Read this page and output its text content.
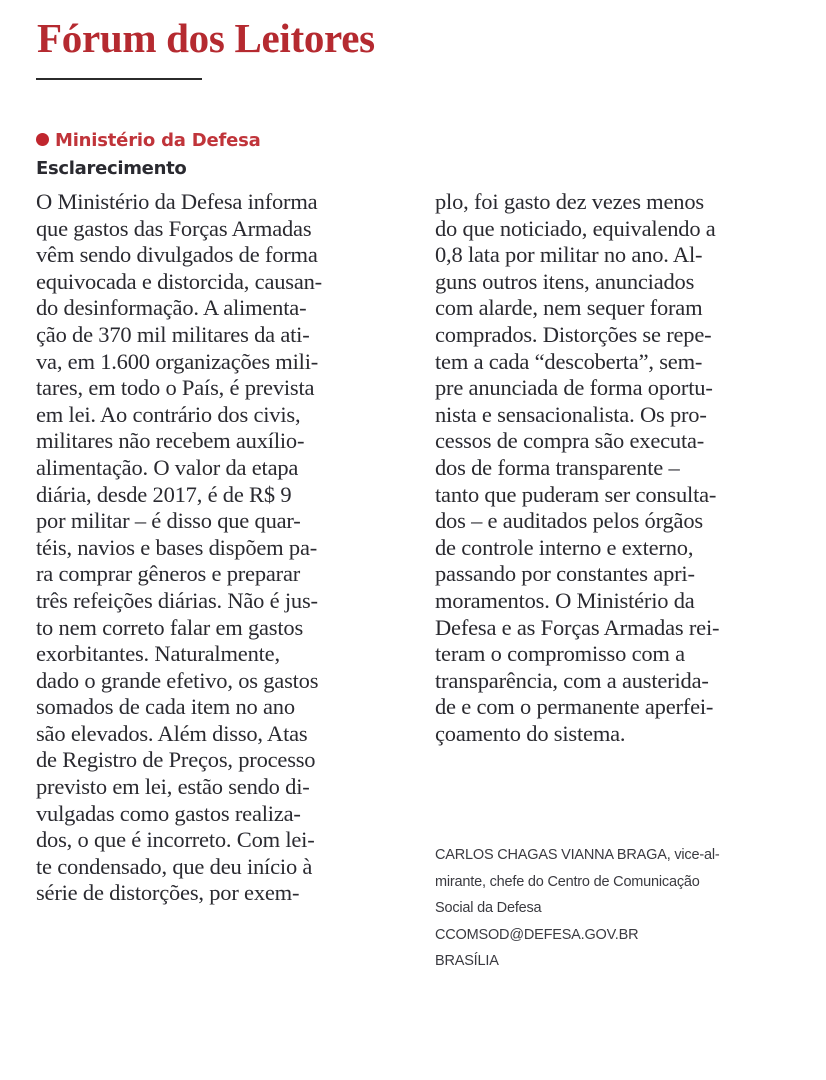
Fórum dos Leitores
Ministério da Defesa
Esclarecimento
O Ministério da Defesa informa
que gastos das Forças Armadas
vêm sendo divulgados de forma
equivocada e distorcida, causan-
do desinformação. A alimenta-
ção de 370 mil militares da ati-
va, em 1.600 organizações mili-
tares, em todo o País, é prevista
em lei. Ao contrário dos civis,
militares não recebem auxílio-
alimentação. O valor da etapa
diária, desde 2017, é de R$ 9
por militar – é disso que quar-
téis, navios e bases dispõem pa-
ra comprar gêneros e preparar
três refeições diárias. Não é jus-
to nem correto falar em gastos
exorbitantes. Naturalmente,
dado o grande efetivo, os gastos
somados de cada item no ano
são elevados. Além disso, Atas
de Registro de Preços, processo
previsto em lei, estão sendo di-
vulgadas como gastos realiza-
dos, o que é incorreto. Com lei-
te condensado, que deu início à
série de distorções, por exem-
plo, foi gasto dez vezes menos
do que noticiado, equivalendo a
0,8 lata por militar no ano. Al-
guns outros itens, anunciados
com alarde, nem sequer foram
comprados. Distorções se repe-
tem a cada “descoberta”, sem-
pre anunciada de forma oportu-
nista e sensacionalista. Os pro-
cessos de compra são executa-
dos de forma transparente –
tanto que puderam ser consulta-
dos – e auditados pelos órgãos
de controle interno e externo,
passando por constantes apri-
moramentos. O Ministério da
Defesa e as Forças Armadas rei-
teram o compromisso com a
transparência, com a austerida-
de e com o permanente aperfei-
çoamento do sistema.
CARLOS CHAGAS VIANNA BRAGA, vice-al-
mirante, chefe do Centro de Comunicação
Social da Defesa
CCOMSOD@DEFESA.GOV.BR
BRASÍLIA
